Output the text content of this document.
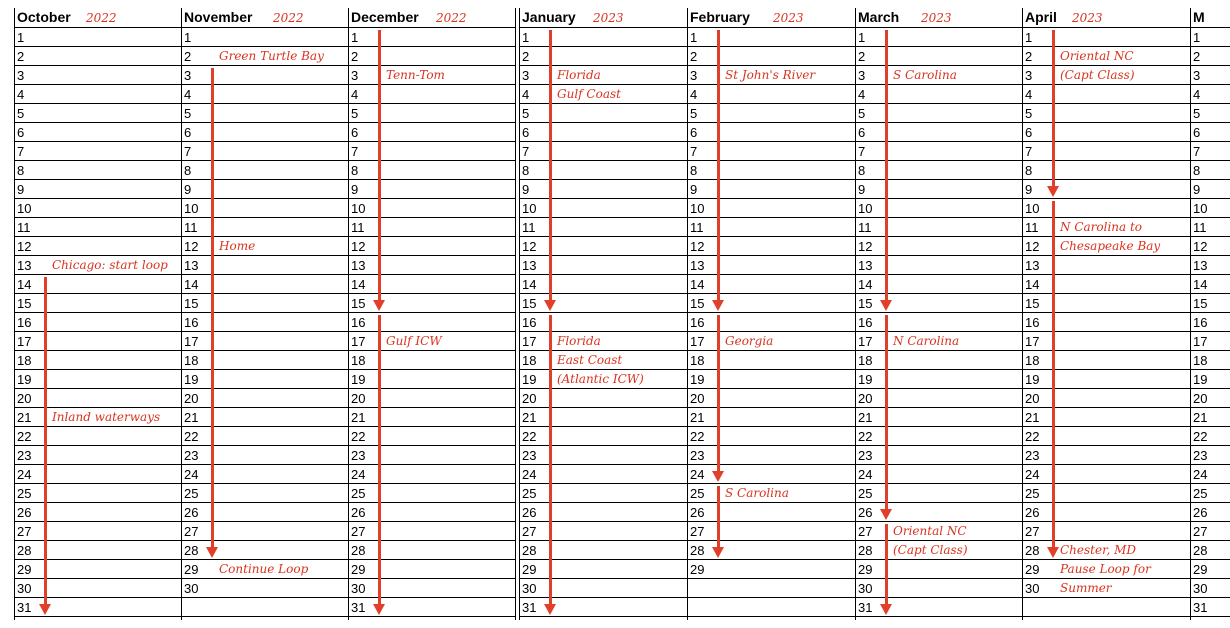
October 2022
1
2
3
4
5
6
7
8
9
10
11
12
13
14
15
16
17
18
19
20
21
22
23
24
25
26
27
28
29
30
31
November 2022
1
2
3
4
5
6
7
8
9
10
11
12
13
14
15
16
17
18
19
20
21
22
23
24
25
26
27
28
29
30
December 2022
1
2
3
4
5
6
7
8
9
10
11
12
13
14
15
16
17
18
19
20
21
22
23
24
25
26
27
28
29
30
31
January 2023
1
2
3
4
5
6
7
8
9
10
11
12
13
14
15
16
17
18
19
20
21
22
23
24
25
26
27
28
29
30
31
February 2023
1
2
3
4
5
6
7
8
9
10
11
12
13
14
15
16
17
18
19
20
21
22
23
24
25
26
27
28
29
March 2023
1
2
3
4
5
6
7
8
9
10
11
12
13
14
15
16
17
18
19
20
21
22
23
24
25
26
27
28
29
30
31
April 2023
1
2
3
4
5
6
7
8
9
10
11
12
13
14
15
16
17
18
19
20
21
22
23
24
25
26
27
28
29
30
M
1
2
3
4
5
6
7
8
9
10
11
12
13
14
15
16
17
18
19
20
21
22
23
24
25
26
27
28
29
30
31
Chicago: start loop
Inland waterways
Green Turtle Bay
Home
Continue Loop
Tenn-Tom
Gulf ICW
Florida
Gulf Coast
Florida
East Coast
(Atlantic ICW)
St John's River
Georgia
S Carolina
S Carolina
N Carolina
Oriental NC
(Capt Class)
Oriental NC
(Capt Class)
N Carolina to
Chesapeake Bay
Chester, MD
Pause Loop for
Summer
